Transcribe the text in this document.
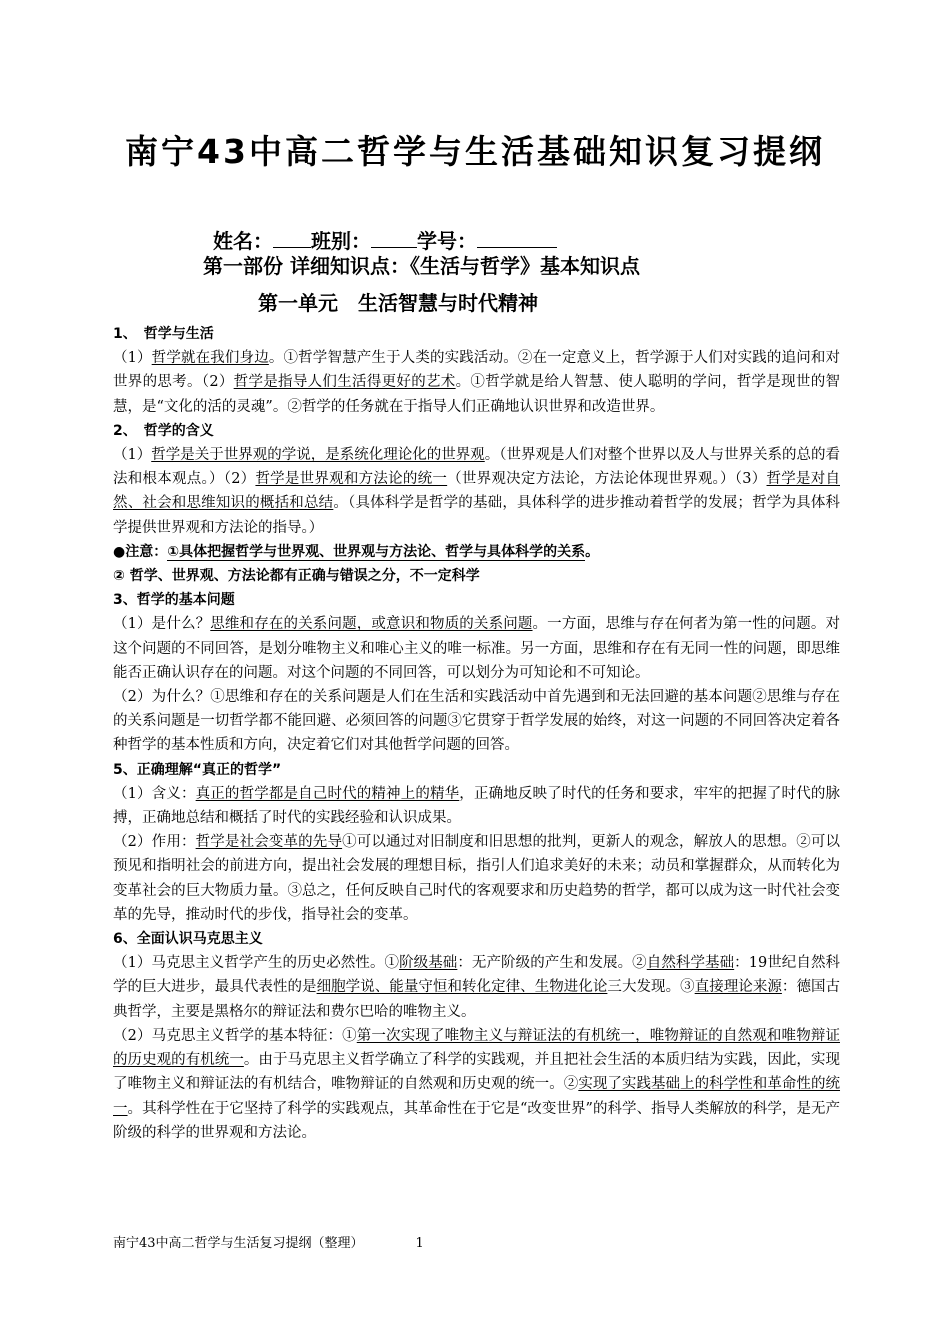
南宁43中高二哲学与生活基础知识复习提纲
姓名： 班别： 学号：
第一部份 详细知识点：《生活与哲学》基本知识点
第一单元　生活智慧与时代精神

1、　哲学与生活

（1）哲学就在我们身边。①哲学智慧产生于人类的实践活动。②在一定意义上，哲学源于人们对实践的追问和对世界的思考。（2）哲学是指导人们生活得更好的艺术。①哲学就是给人智慧、使人聪明的学问，哲学是现世的智慧，是“文化的活的灵魂”。②哲学的任务就在于指导人们正确地认识世界和改造世界。

2、　哲学的含义

（1）哲学是关于世界观的学说，是系统化理论化的世界观。（世界观是人们对整个世界以及人与世界关系的总的看法和根本观点。）（2）哲学是世界观和方法论的统一（世界观决定方法论，方法论体现世界观。）（3）哲学是对自然、社会和思维知识的概括和总结。（具体科学是哲学的基础，具体科学的进步推动着哲学的发展；哲学为具体科学提供世界观和方法论的指导。）

●注意：①具体把握哲学与世界观、世界观与方法论、哲学与具体科学的关系。

② 哲学、世界观、方法论都有正确与错误之分，不一定科学

3、哲学的基本问题

（1）是什么？思维和存在的关系问题，或意识和物质的关系问题。一方面，思维与存在何者为第一性的问题。对这个问题的不同回答，是划分唯物主义和唯心主义的唯一标准。另一方面，思维和存在有无同一性的问题，即思维能否正确认识存在的问题。对这个问题的不同回答，可以划分为可知论和不可知论。

（2）为什么？①思维和存在的关系问题是人们在生活和实践活动中首先遇到和无法回避的基本问题②思维与存在的关系问题是一切哲学都不能回避、必须回答的问题③它贯穿于哲学发展的始终，对这一问题的不同回答决定着各种哲学的基本性质和方向，决定着它们对其他哲学问题的回答。

5、正确理解“真正的哲学”

（1）含义：真正的哲学都是自己时代的精神上的精华，正确地反映了时代的任务和要求，牢牢的把握了时代的脉搏，正确地总结和概括了时代的实践经验和认识成果。

（2）作用：哲学是社会变革的先导①可以通过对旧制度和旧思想的批判，更新人的观念，解放人的思想。②可以预见和指明社会的前进方向，提出社会发展的理想目标，指引人们追求美好的未来；动员和掌握群众，从而转化为变革社会的巨大物质力量。③总之，任何反映自己时代的客观要求和历史趋势的哲学，都可以成为这一时代社会变革的先导，推动时代的步伐，指导社会的变革。

6、全面认识马克思主义

（1）马克思主义哲学产生的历史必然性。①阶级基础：无产阶级的产生和发展。②自然科学基础：19世纪自然科学的巨大进步，最具代表性的是细胞学说、能量守恒和转化定律、生物进化论三大发现。③直接理论来源：德国古典哲学，主要是黑格尔的辩证法和费尔巴哈的唯物主义。

（2）马克思主义哲学的基本特征：①第一次实现了唯物主义与辩证法的有机统一，唯物辩证的自然观和唯物辩证的历史观的有机统一。由于马克思主义哲学确立了科学的实践观，并且把社会生活的本质归结为实践，因此，实现了唯物主义和辩证法的有机结合，唯物辩证的自然观和历史观的统一。②实现了实践基础上的科学性和革命性的统一。其科学性在于它坚持了科学的实践观点，其革命性在于它是“改变世界”的科学、指导人类解放的科学，是无产阶级的科学的世界观和方法论。

南宁43中高二哲学与生活复习提纲（整理）	1
